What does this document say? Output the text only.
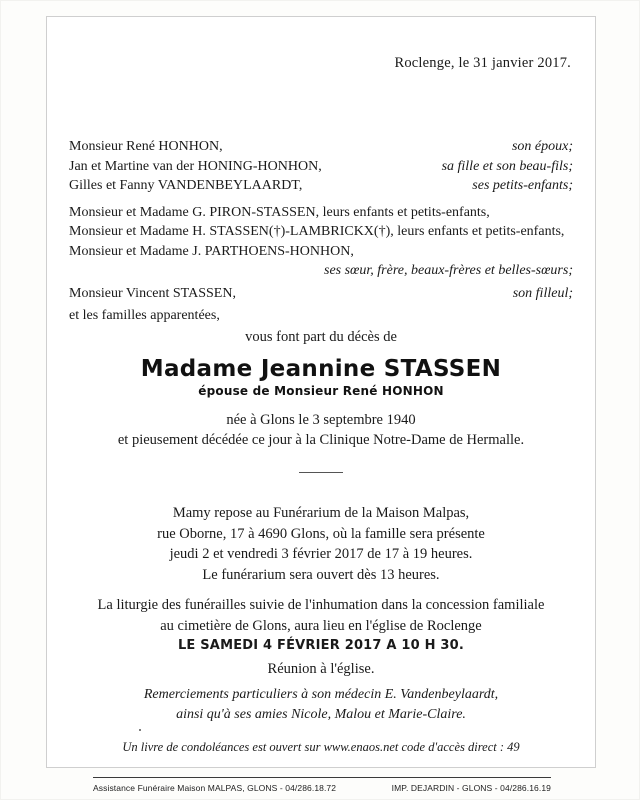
Roclenge, le 31 janvier 2017.
Monsieur René HONHON,	son époux;
Jan et Martine van der HONING-HONHON,	sa fille et son beau-fils;
Gilles et Fanny VANDENBEYLAARDT,	ses petits-enfants;
Monsieur et Madame G. PIRON-STASSEN, leurs enfants et petits-enfants,
Monsieur et Madame H. STASSEN(†)-LAMBRICKX(†), leurs enfants et petits-enfants,
Monsieur et Madame J. PARTHOENS-HONHON,
ses sœur, frère, beaux-frères et belles-sœurs;
Monsieur Vincent STASSEN,	son filleul;
et les familles apparentées,
vous font part du décès de
Madame Jeannine STASSEN
épouse de Monsieur René HONHON
née à Glons le 3 septembre 1940
et pieusement décédée ce jour à la Clinique Notre-Dame de Hermalle.
Mamy repose au Funérarium de la Maison Malpas,
rue Oborne, 17 à 4690 Glons, où la famille sera présente
jeudi 2 et vendredi 3 février 2017 de 17 à 19 heures.
Le funérarium sera ouvert dès 13 heures.
La liturgie des funérailles suivie de l'inhumation dans la concession familiale
au cimetière de Glons, aura lieu en l'église de Roclenge
LE SAMEDI 4 FÉVRIER 2017 A 10 H 30.
Réunion à l'église.
Remerciements particuliers à son médecin E. Vandenbeylaardt,
ainsi qu'à ses amies Nicole, Malou et Marie-Claire.
Un livre de condoléances est ouvert sur www.enaos.net code d'accès direct : 49
Assistance Funéraire Maison MALPAS, GLONS - 04/286.18.72	IMP. DEJARDIN - GLONS - 04/286.16.19
